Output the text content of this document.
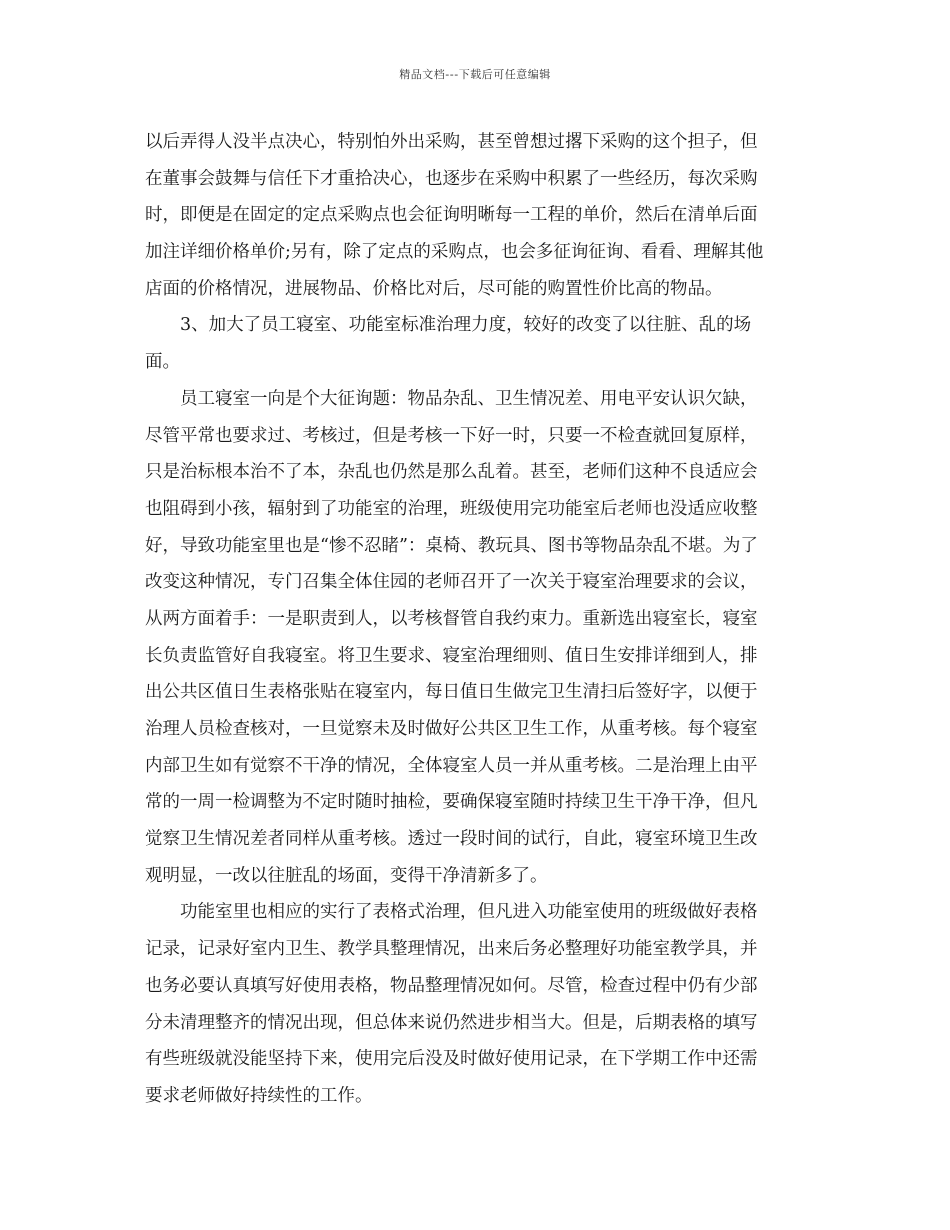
精品文档---下载后可任意编辑
以后弄得人没半点决心，特别怕外出采购，甚至曾想过撂下采购的这个担子，但
在董事会鼓舞与信任下才重拾决心，也逐步在采购中积累了一些经历，每次采购
时，即便是在固定的定点采购点也会征询明晰每一工程的单价，然后在清单后面
加注详细价格单价;另有，除了定点的采购点，也会多征询征询、看看、理解其他
店面的价格情况，进展物品、价格比对后，尽可能的购置性价比高的物品。
3、加大了员工寝室、功能室标准治理力度，较好的改变了以往脏、乱的场
面。
员工寝室一向是个大征询题：物品杂乱、卫生情况差、用电平安认识欠缺，
尽管平常也要求过、考核过，但是考核一下好一时，只要一不检查就回复原样，
只是治标根本治不了本，杂乱也仍然是那么乱着。甚至，老师们这种不良适应会
也阻碍到小孩，辐射到了功能室的治理，班级使用完功能室后老师也没适应收整
好，导致功能室里也是“惨不忍睹”：桌椅、教玩具、图书等物品杂乱不堪。为了
改变这种情况，专门召集全体住园的老师召开了一次关于寝室治理要求的会议，
从两方面着手：一是职责到人，以考核督管自我约束力。重新选出寝室长，寝室
长负责监管好自我寝室。将卫生要求、寝室治理细则、值日生安排详细到人，排
出公共区值日生表格张贴在寝室内，每日值日生做完卫生清扫后签好字，以便于
治理人员检查核对，一旦觉察未及时做好公共区卫生工作，从重考核。每个寝室
内部卫生如有觉察不干净的情况，全体寝室人员一并从重考核。二是治理上由平
常的一周一检调整为不定时随时抽检，要确保寝室随时持续卫生干净干净，但凡
觉察卫生情况差者同样从重考核。透过一段时间的试行，自此，寝室环境卫生改
观明显，一改以往脏乱的场面，变得干净清新多了。
功能室里也相应的实行了表格式治理，但凡进入功能室使用的班级做好表格
记录，记录好室内卫生、教学具整理情况，出来后务必整理好功能室教学具，并
也务必要认真填写好使用表格，物品整理情况如何。尽管，检查过程中仍有少部
分未清理整齐的情况出现，但总体来说仍然进步相当大。但是，后期表格的填写
有些班级就没能坚持下来，使用完后没及时做好使用记录，在下学期工作中还需
要求老师做好持续性的工作。
